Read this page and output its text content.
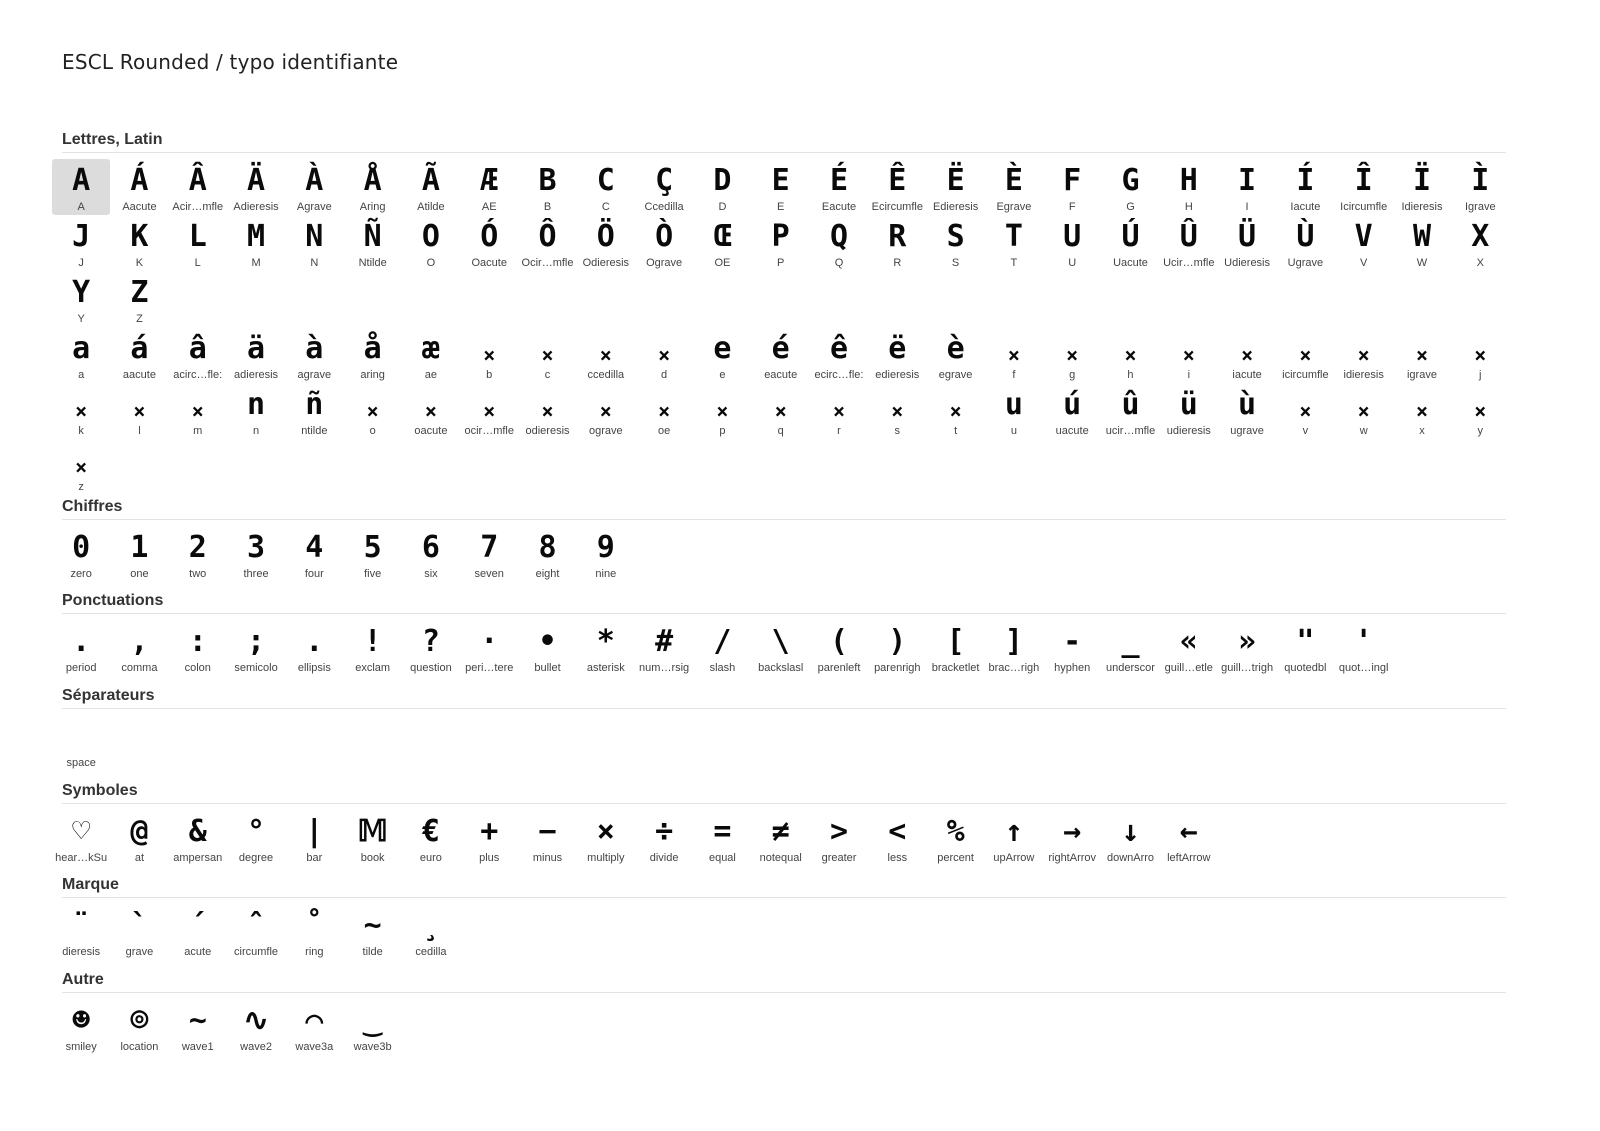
ESCL Rounded / typo identifiante
Lettres, Latin
A
A
Á
Aacute
Â
Acir…mfle
Ä
Adieresis
À
Agrave
Å
Aring
Ã
Atilde
Æ
AE
B
B
C
C
Ç
Ccedilla
D
D
E
E
É
Eacute
Ê
Ecircumfle
Ë
Edieresis
È
Egrave
F
F
G
G
H
H
I
I
Í
Iacute
Î
Icircumfle
Ï
Idieresis
Ì
Igrave
J
J
K
K
L
L
M
M
N
N
Ñ
Ntilde
O
O
Ó
Oacute
Ô
Ocir…mfle
Ö
Odieresis
Ò
Ograve
Œ
OE
P
P
Q
Q
R
R
S
S
T
T
U
U
Ú
Uacute
Û
Ucir…mfle
Ü
Udieresis
Ù
Ugrave
V
V
W
W
X
X
Y
Y
Z
Z
a
a
á
aacute
â
acirc…fle:
ä
adieresis
à
agrave
å
aring
æ
ae
×
b
×
c
×
ccedilla
×
d
e
e
é
eacute
ê
ecirc…fle:
ë
edieresis
è
egrave
×
f
×
g
×
h
×
i
×
iacute
×
icircumfle
×
idieresis
×
igrave
×
j
×
k
×
l
×
m
n
n
ñ
ntilde
×
o
×
oacute
×
ocir…mfle
×
odieresis
×
ograve
×
oe
×
p
×
q
×
r
×
s
×
t
u
u
ú
uacute
û
ucir…mfle
ü
udieresis
ù
ugrave
×
v
×
w
×
x
×
y
×
z
Chiffres
0
zero
1
one
2
two
3
three
4
four
5
five
6
six
7
seven
8
eight
9
nine
Ponctuations
.
period
,
comma
:
colon
;
semicolo
.
ellipsis
!
exclam
?
question
·
peri…tere
•
bullet
*
asterisk
#
num…rsig
/
slash
\
backslasl
(
parenleft
)
parenrigh
[
bracketlet
]
brac…righ
-
hyphen
_
underscor
«
guill…etle
»
guill…trigh
"
quotedbl
'
quot…ingl
Séparateurs
space
Symboles
♡
hear…kSu
@
at
&
ampersan
°
degree
|
bar
𝕄
book
€
euro
+
plus
−
minus
×
multiply
÷
divide
=
equal
≠
notequal
>
greater
<
less
%
percent
↑
upArrow
→
rightArrov
↓
downArro
←
leftArrow
Marque
¨
dieresis
`
grave
´
acute
ˆ
circumfle
˚
ring
~
tilde
¸
cedilla
Autre
☻
smiley
⌾
location
∼
wave1
∿
wave2
⌒
wave3a
‿
wave3b
